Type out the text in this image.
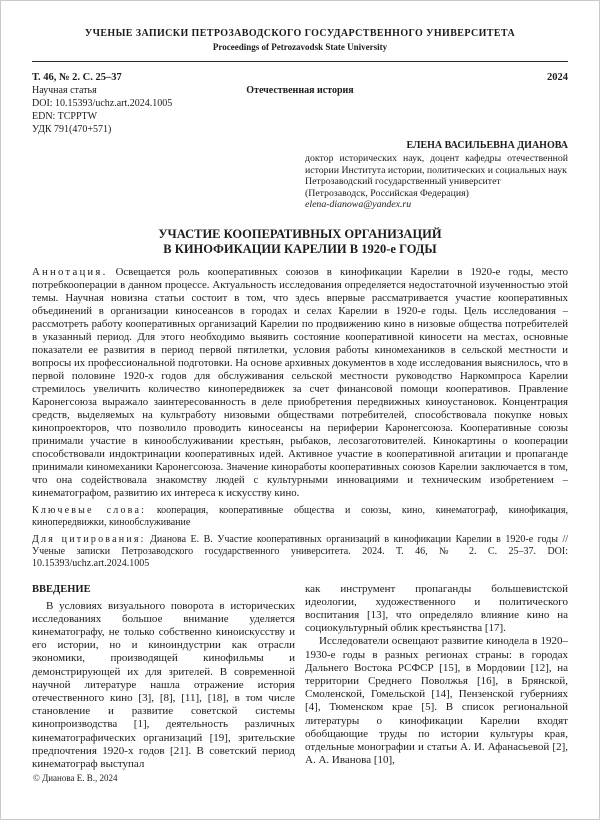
УЧЕНЫЕ ЗАПИСКИ ПЕТРОЗАВОДСКОГО ГОСУДАРСТВЕННОГО УНИВЕРСИТЕТА
Proceedings of Petrozavodsk State University
Т. 46, № 2. С. 25–37	2024
Научная статья	Отечественная история
DOI: 10.15393/uchz.art.2024.1005
EDN: TCPPTW
УДК 791(470+571)
ЕЛЕНА ВАСИЛЬЕВНА ДИАНОВА
доктор исторических наук, доцент кафедры отечественной истории Института истории, политических и социальных наук
Петрозаводский государственный университет
(Петрозаводск, Российская Федерация)
elena-dianowa@yandex.ru
УЧАСТИЕ КООПЕРАТИВНЫХ ОРГАНИЗАЦИЙ
В КИНОФИКАЦИИ КАРЕЛИИ В 1920-е ГОДЫ

Аннотация. Освещается роль кооперативных союзов в кинофикации Карелии в 1920-е годы, место потребкооперации в данном процессе. Актуальность исследования определяется недостаточной изученностью этой темы. Научная новизна статьи состоит в том, что здесь впервые рассматривается участие кооперативных объединений в организации киносеансов в городах и селах Карелии в 1920-е годы. Цель исследования – рассмотреть работу кооперативных организаций Карелии по продвижению кино в низовые общества потребителей в указанный период. Для этого необходимо выявить состояние кооперативной киносети на местах, основные показатели ее развития в период первой пятилетки, условия работы киномехаников в сельской местности и вопросы их профессиональной подготовки. На основе архивных документов в ходе исследования выяснилось, что в первой половине 1920-х годов для обслуживания сельской местности руководство Наркомпроса Карелии стремилось увеличить количество кинопередвижек за счет финансовой помощи кооперативов. Правление Каронегсоюза выражало заинтересованность в деле приобретения передвижных киноустановок. Концентрация средств, выделяемых на культработу низовыми обществами потребителей, способствовала покупке новых кинопроекторов, что позволило проводить киносеансы на периферии Каронегсоюза. Кооперативные союзы принимали участие в кинообслуживании крестьян, рыбаков, лесозаготовителей. Кинокартины о кооперации способствовали индоктринации кооперативных идей. Активное участие в кооперативной агитации и пропаганде принимали киномеханики Каронегсоюза. Значение киноработы кооперативных союзов Карелии заключается в том, что она содействовала знакомству людей с культурными инновациями и техническим изобретением – кинематографом, развитию их интереса к искусству кино.

Ключевые слова: кооперация, кооперативные общества и союзы, кино, кинематограф, кинофикация, кинопередвижки, кинообслуживание

Для цитирования: Дианова Е. В. Участие кооперативных организаций в кинофикации Карелии в 1920-е годы // Ученые записки Петрозаводского государственного университета. 2024. Т. 46, № 2. С. 25–37. DOI: 10.15393/uchz.art.2024.1005

ВВЕДЕНИЕ

В условиях визуального поворота в исторических исследованиях большое внимание уделяется кинематографу, не только собственно киноискусству и его истории, но и киноиндустрии как отрасли экономики, производящей кинофильмы и демонстрирующей их для зрителей. В современной научной литературе нашла отражение история отечественного кино [3], [8], [11], [18], в том числе становление и развитие советской системы кинопроизводства [1], деятельность различных кинематографических организаций [19], зрительские предпочтения 1920-х годов [21]. В советский период кинематограф выступал

как инструмент пропаганды большевистской идеологии, художественного и политического воспитания [13], что определяло влияние кино на социокультурный облик крестьянства [17].

Исследователи освещают развитие кинодела в 1920–1930-е годы в разных регионах страны: в городах Дальнего Востока РСФСР [15], в Мордовии [12], на территории Среднего Поволжья [16], в Брянской, Смоленской, Гомельской [14], Пензенской губерниях [4], Тюменском крае [5]. В список региональной литературы о кинофикации Карелии входят обобщающие труды по истории культуры края, отдельные монографии и статьи А. И. Афанасьевой [2], А. А. Иванова [10],

© Дианова Е. В., 2024
